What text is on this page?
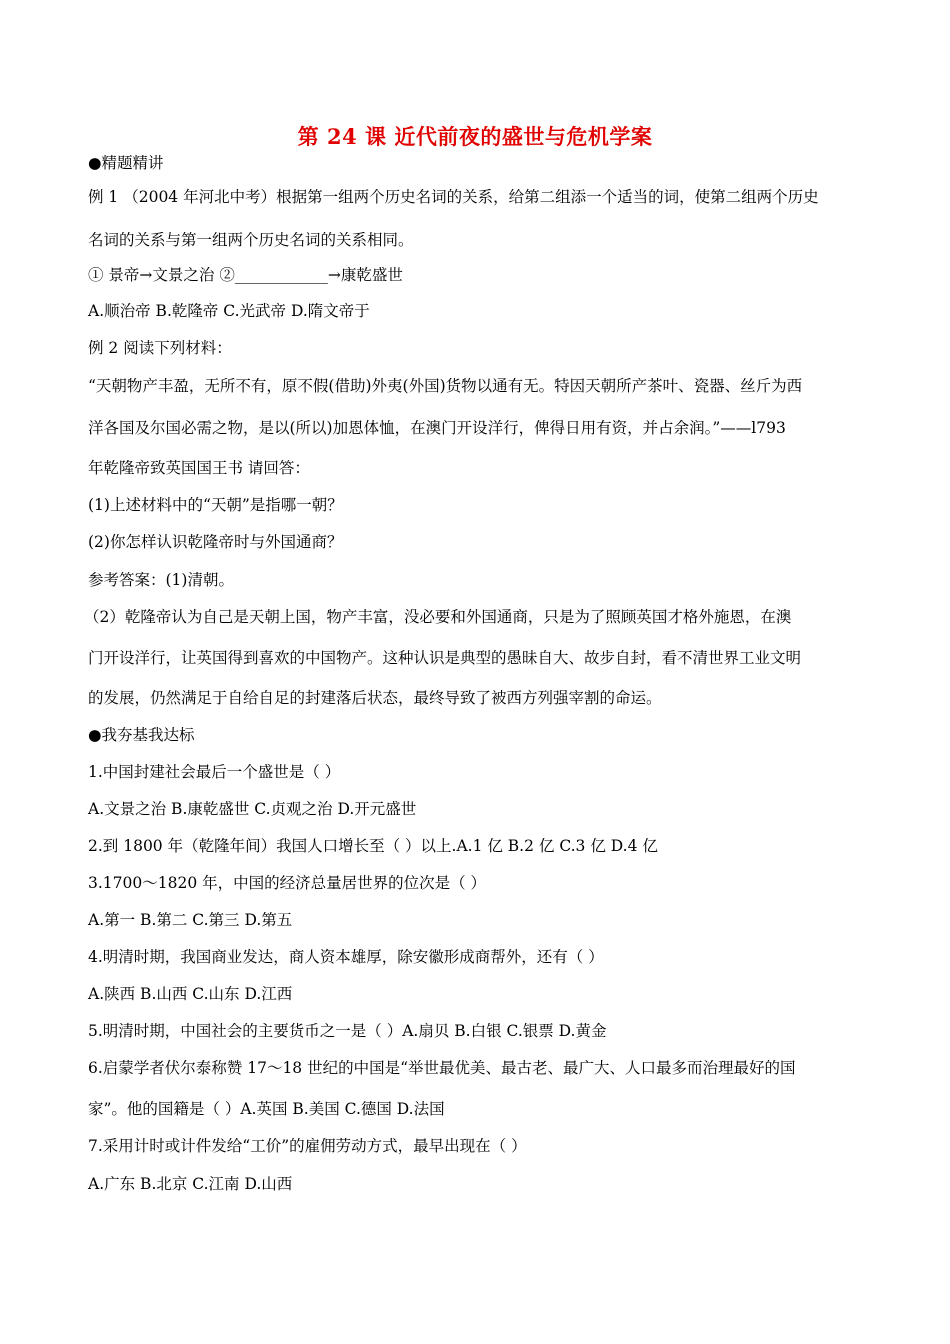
第 24 课 近代前夜的盛世与危机学案
●精题精讲
例 1 （2004 年河北中考）根据第一组两个历史名词的关系，给第二组添一个适当的词，使第二组两个历史
名词的关系与第一组两个历史名词的关系相同。
① 景帝→文景之治 ②____________→康乾盛世
A.顺治帝 B.乾隆帝 C.光武帝 D.隋文帝于
例 2 阅读下列材料：
“天朝物产丰盈，无所不有，原不假(借助)外夷(外国)货物以通有无。特因天朝所产茶叶、瓷器、丝斤为西
洋各国及尔国必需之物，是以(所以)加恩体恤，在澳门开设洋行，俾得日用有资，并占余润。”——l793
年乾隆帝致英国国王书 请回答：
(1)上述材料中的“天朝”是指哪一朝？
(2)你怎样认识乾隆帝时与外国通商？
参考答案：(1)清朝。
（2）乾隆帝认为自己是天朝上国，物产丰富，没必要和外国通商，只是为了照顾英国才格外施恩，在澳
门开设洋行，让英国得到喜欢的中国物产。这种认识是典型的愚昧自大、故步自封，看不清世界工业文明
的发展，仍然满足于自给自足的封建落后状态，最终导致了被西方列强宰割的命运。
●我夯基我达标
1.中国封建社会最后一个盛世是（ ）
A.文景之治 B.康乾盛世 C.贞观之治 D.开元盛世
2.到 1800 年（乾隆年间）我国人口增长至（ ）以上.A.1 亿 B.2 亿 C.3 亿 D.4 亿
3.1700～1820 年，中国的经济总量居世界的位次是（ ）
A.第一 B.第二 C.第三 D.第五
4.明清时期，我国商业发达，商人资本雄厚，除安徽形成商帮外，还有（ ）
A.陕西 B.山西 C.山东 D.江西
5.明清时期，中国社会的主要货币之一是（ ）A.扇贝 B.白银 C.银票 D.黄金
6.启蒙学者伏尔泰称赞 17～18 世纪的中国是“举世最优美、最古老、最广大、人口最多而治理最好的国
家”。他的国籍是（ ）A.英国 B.美国 C.德国 D.法国
7.采用计时或计件发给“工价”的雇佣劳动方式，最早出现在（ ）
A.广东 B.北京 C.江南 D.山西
